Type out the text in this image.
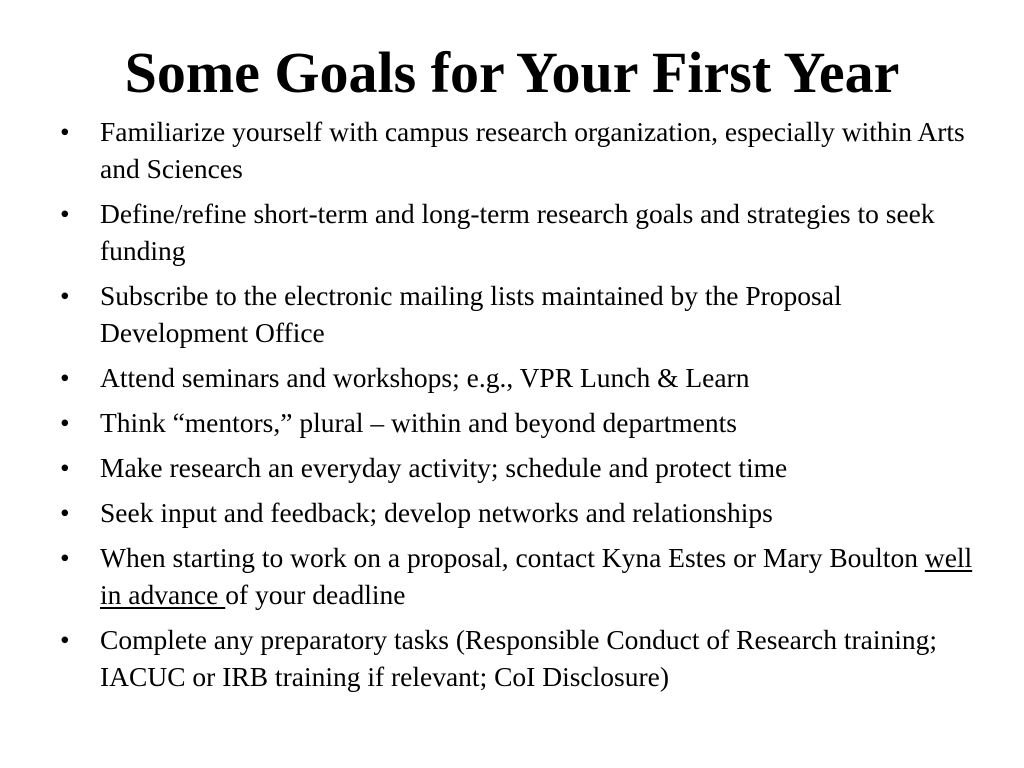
Some Goals for Your First Year
• Familiarize yourself with campus research organization, especially within Arts and Sciences
• Define/refine short-term and long-term research goals and strategies to seek funding
• Subscribe to the electronic mailing lists maintained by the Proposal Development Office
• Attend seminars and workshops; e.g., VPR Lunch & Learn
• Think “mentors,” plural – within and beyond departments
• Make research an everyday activity; schedule and protect time
• Seek input and feedback; develop networks and relationships
• When starting to work on a proposal, contact Kyna Estes or Mary Boulton well in advance of your deadline
• Complete any preparatory tasks (Responsible Conduct of Research training; IACUC or IRB training if relevant; CoI Disclosure)
